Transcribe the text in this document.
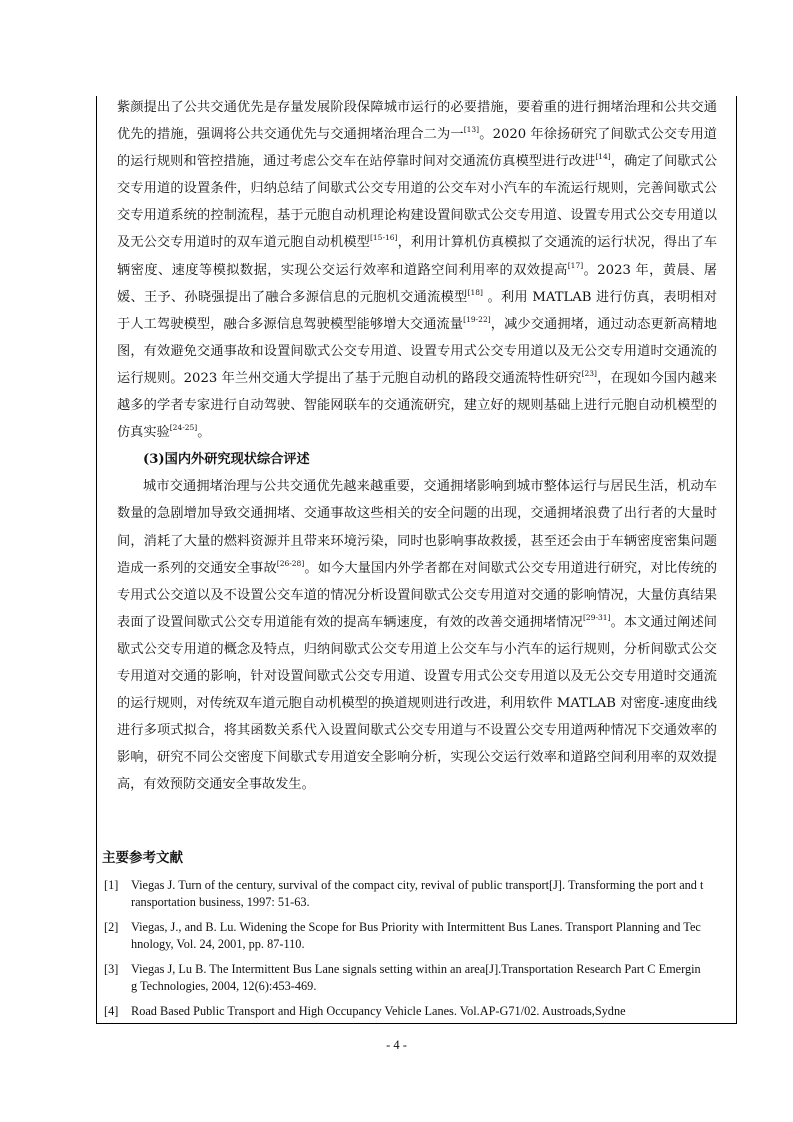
紫颜提出了公共交通优先是存量发展阶段保障城市运行的必要措施，要着重的进行拥堵治理和公共交通优先的措施，强调将公共交通优先与交通拥堵治理合二为一[13]。2020 年徐扬研究了间歇式公交专用道的运行规则和管控措施，通过考虑公交车在站停靠时间对交通流仿真模型进行改进[14]，确定了间歇式公交专用道的设置条件，归纳总结了间歇式公交专用道的公交车对小汽车的车流运行规则，完善间歇式公交专用道系统的控制流程，基于元胞自动机理论构建设置间歇式公交专用道、设置专用式公交专用道以及无公交专用道时的双车道元胞自动机模型[15-16]，利用计算机仿真模拟了交通流的运行状况，得出了车辆密度、速度等模拟数据，实现公交运行效率和道路空间利用率的双效提高[17]。2023 年，黄晨、屠媛、王予、孙晓强提出了融合多源信息的元胞机交通流模型[18] 。利用 MATLAB 进行仿真，表明相对于人工驾驶模型，融合多源信息驾驶模型能够增大交通流量[19-22]，减少交通拥堵，通过动态更新高精地图，有效避免交通事故和设置间歇式公交专用道、设置专用式公交专用道以及无公交专用道时交通流的运行规则。2023 年兰州交通大学提出了基于元胞自动机的路段交通流特性研究[23]，在现如今国内越来越多的学者专家进行自动驾驶、智能网联车的交通流研究，建立好的规则基础上进行元胞自动机模型的仿真实验[24-25]。

(3)国内外研究现状综合评述

城市交通拥堵治理与公共交通优先越来越重要，交通拥堵影响到城市整体运行与居民生活，机动车数量的急剧增加导致交通拥堵、交通事故这些相关的安全问题的出现，交通拥堵浪费了出行者的大量时间，消耗了大量的燃料资源并且带来环境污染，同时也影响事故救援，甚至还会由于车辆密度密集问题造成一系列的交通安全事故[26-28]。如今大量国内外学者都在对间歇式公交专用道进行研究，对比传统的专用式公交道以及不设置公交车道的情况分析设置间歇式公交专用道对交通的影响情况，大量仿真结果表面了设置间歇式公交专用道能有效的提高车辆速度，有效的改善交通拥堵情况[29-31]。本文通过阐述间歇式公交专用道的概念及特点，归纳间歇式公交专用道上公交车与小汽车的运行规则，分析间歇式公交专用道对交通的影响，针对设置间歇式公交专用道、设置专用式公交专用道以及无公交专用道时交通流的运行规则，对传统双车道元胞自动机模型的换道规则进行改进，利用软件 MATLAB 对密度-速度曲线进行多项式拟合，将其函数关系代入设置间歇式公交专用道与不设置公交专用道两种情况下交通效率的影响，研究不同公交密度下间歇式专用道安全影响分析，实现公交运行效率和道路空间利用率的双效提高，有效预防交通安全事故发生。

主要参考文献
[1]	Viegas J. Turn of the century, survival of the compact city, revival of public transport[J]. Transforming the port and transportation business, 1997: 51-63.
[2]	Viegas, J., and B. Lu. Widening the Scope for Bus Priority with Intermittent Bus Lanes. Transport Planning and Technology, Vol. 24, 2001, pp. 87-110.
[3]	Viegas J, Lu B. The Intermittent Bus Lane signals setting within an area[J].Transportation Research Part C Emerging Technologies, 2004, 12(6):453-469.
[4]	Road Based Public Transport and High Occupancy Vehicle Lanes. Vol.AP-G71/02. Austroads,Sydne
- 4 -
